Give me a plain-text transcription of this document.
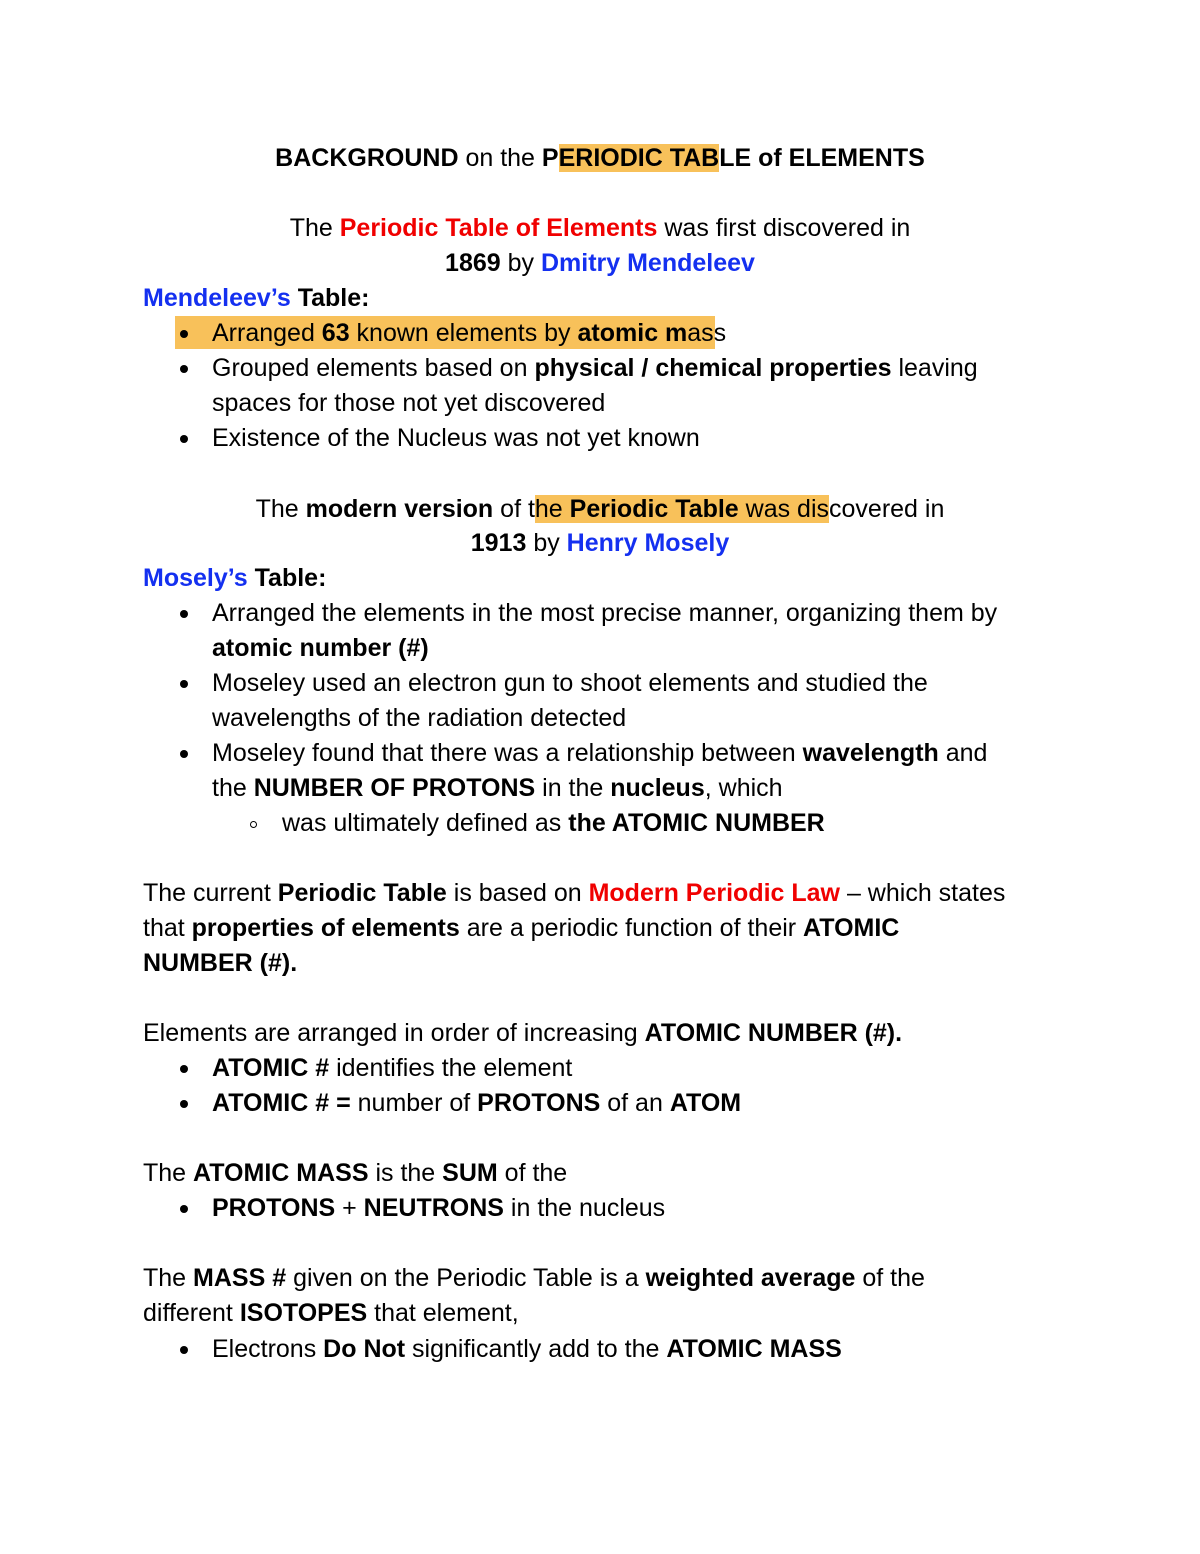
BACKGROUND on the PERIODIC TABLE of ELEMENTS
The Periodic Table of Elements was first discovered in
1869 by Dmitry Mendeleev
Mendeleev’s Table:
Arranged 63 known elements by atomic mass
Grouped elements based on physical / chemical properties leaving
spaces for those not yet discovered
Existence of the Nucleus was not yet known
The modern version of the Periodic Table was discovered in
1913 by Henry Mosely
Mosely’s Table:
Arranged the elements in the most precise manner, organizing them by
atomic number (#)
Moseley used an electron gun to shoot elements and studied the
wavelengths of the radiation detected
Moseley found that there was a relationship between wavelength and
the NUMBER OF PROTONS in the nucleus, which
was ultimately defined as the ATOMIC NUMBER
The current Periodic Table is based on Modern Periodic Law – which states
that properties of elements are a periodic function of their ATOMIC
NUMBER (#).
Elements are arranged in order of increasing ATOMIC NUMBER (#).
ATOMIC # identifies the element
ATOMIC # = number of PROTONS of an ATOM
The ATOMIC MASS is the SUM of the
PROTONS + NEUTRONS in the nucleus
The MASS # given on the Periodic Table is a weighted average of the
different ISOTOPES that element,
Electrons Do Not significantly add to the ATOMIC MASS
